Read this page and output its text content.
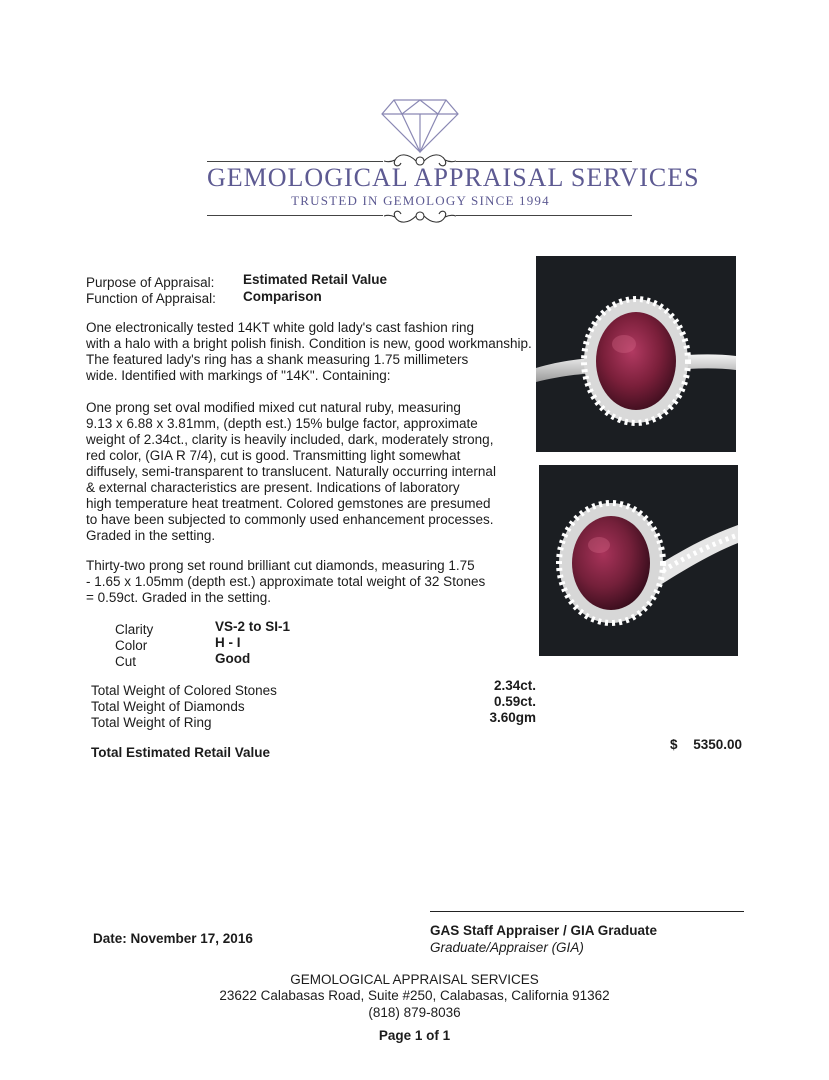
GEMOLOGICAL APPRAISAL SERVICES
TRUSTED IN GEMOLOGY SINCE 1994
Purpose of Appraisal: Estimated Retail Value
Function of Appraisal: Comparison
One electronically tested 14KT white gold lady's cast fashion ring
with a halo with a bright polish finish. Condition is new, good workmanship.
The featured lady's ring has a shank measuring 1.75 millimeters
wide. Identified with markings of "14K". Containing:
One prong set oval modified mixed cut natural ruby, measuring
9.13 x 6.88 x 3.81mm, (depth est.) 15% bulge factor, approximate
weight of 2.34ct., clarity is heavily included, dark, moderately strong,
red color, (GIA R 7/4), cut is good. Transmitting light somewhat
diffusely, semi-transparent to translucent. Naturally occurring internal
& external characteristics are present. Indications of laboratory
high temperature heat treatment. Colored gemstones are presumed
to have been subjected to commonly used enhancement processes.
Graded in the setting.
Thirty-two prong set round brilliant cut diamonds, measuring 1.75
- 1.65 x 1.05mm (depth est.) approximate total weight of 32 Stones
= 0.59ct. Graded in the setting.
Clarity	VS-2 to SI-1
Color	H - I
Cut	Good
Total Weight of Colored Stones	2.34ct.
Total Weight of Diamonds	0.59ct.
Total Weight of Ring	3.60gm
Total Estimated Retail Value
$ 5350.00
Date: November 17, 2016
GAS Staff Appraiser / GIA Graduate
Graduate/Appraiser (GIA)
GEMOLOGICAL APPRAISAL SERVICES
23622 Calabasas Road, Suite #250, Calabasas, California 91362
(818) 879-8036
Page 1 of 1
